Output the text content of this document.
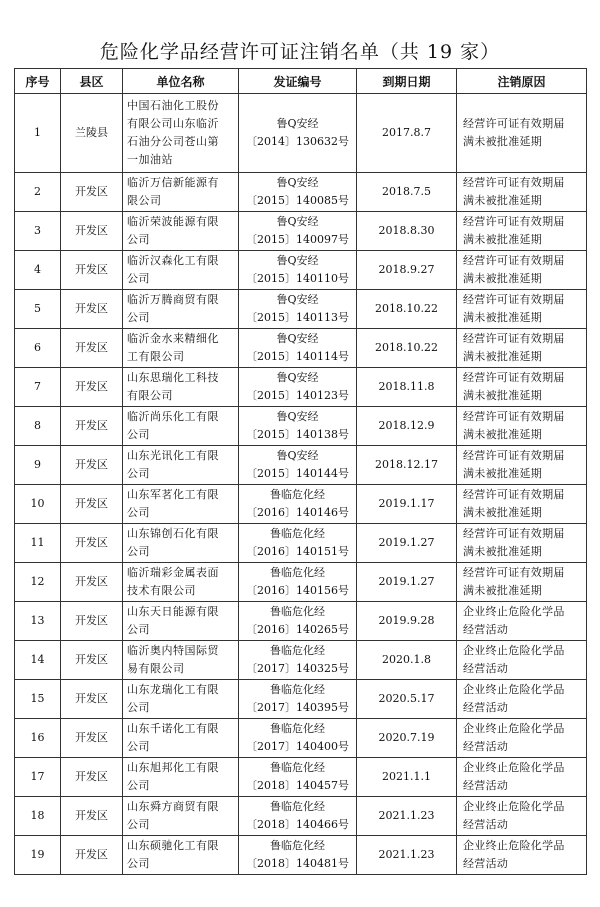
危险化学品经营许可证注销名单（共 19 家）
序号	县区	单位名称	发证编号	到期日期	注销原因
1	兰陵县	中国石油化工股份
有限公司山东临沂
石油分公司苍山第
一加油站	鲁Q安经
〔2014〕130632号	2017.8.7	经营许可证有效期届
满未被批准延期

2	开发区	临沂万信新能源有
限公司	鲁Q安经
〔2015〕140085号	2018.7.5	经营许可证有效期届
满未被批准延期

3	开发区	临沂荣波能源有限
公司	鲁Q安经
〔2015〕140097号	2018.8.30	经营许可证有效期届
满未被批准延期

4	开发区	临沂汉森化工有限
公司	鲁Q安经
〔2015〕140110号	2018.9.27	经营许可证有效期届
满未被批准延期

5	开发区	临沂万腾商贸有限
公司	鲁Q安经
〔2015〕140113号	2018.10.22	经营许可证有效期届
满未被批准延期

6	开发区	临沂金水来精细化
工有限公司	鲁Q安经
〔2015〕140114号	2018.10.22	经营许可证有效期届
满未被批准延期

7	开发区	山东思瑞化工科技
有限公司	鲁Q安经
〔2015〕140123号	2018.11.8	经营许可证有效期届
满未被批准延期

8	开发区	临沂尚乐化工有限
公司	鲁Q安经
〔2015〕140138号	2018.12.9	经营许可证有效期届
满未被批准延期

9	开发区	山东光讯化工有限
公司	鲁Q安经
〔2015〕140144号	2018.12.17	经营许可证有效期届
满未被批准延期

10	开发区	山东军茗化工有限
公司	鲁临危化经
〔2016〕140146号	2019.1.17	经营许可证有效期届
满未被批准延期

11	开发区	山东锦创石化有限
公司	鲁临危化经
〔2016〕140151号	2019.1.27	经营许可证有效期届
满未被批准延期

12	开发区	临沂瑞彩金属表面
技术有限公司	鲁临危化经
〔2016〕140156号	2019.1.27	经营许可证有效期届
满未被批准延期

13	开发区	山东天日能源有限
公司	鲁临危化经
〔2016〕140265号	2019.9.28	企业终止危险化学品
经营活动

14	开发区	临沂奥内特国际贸
易有限公司	鲁临危化经
〔2017〕140325号	2020.1.8	企业终止危险化学品
经营活动

15	开发区	山东龙瑞化工有限
公司	鲁临危化经
〔2017〕140395号	2020.5.17	企业终止危险化学品
经营活动

16	开发区	山东千诺化工有限
公司	鲁临危化经
〔2017〕140400号	2020.7.19	企业终止危险化学品
经营活动

17	开发区	山东旭邦化工有限
公司	鲁临危化经
〔2018〕140457号	2021.1.1	企业终止危险化学品
经营活动

18	开发区	山东舜方商贸有限
公司	鲁临危化经
〔2018〕140466号	2021.1.23	企业终止危险化学品
经营活动

19	开发区	山东硕驰化工有限
公司	鲁临危化经
〔2018〕140481号	2021.1.23	企业终止危险化学品
经营活动
